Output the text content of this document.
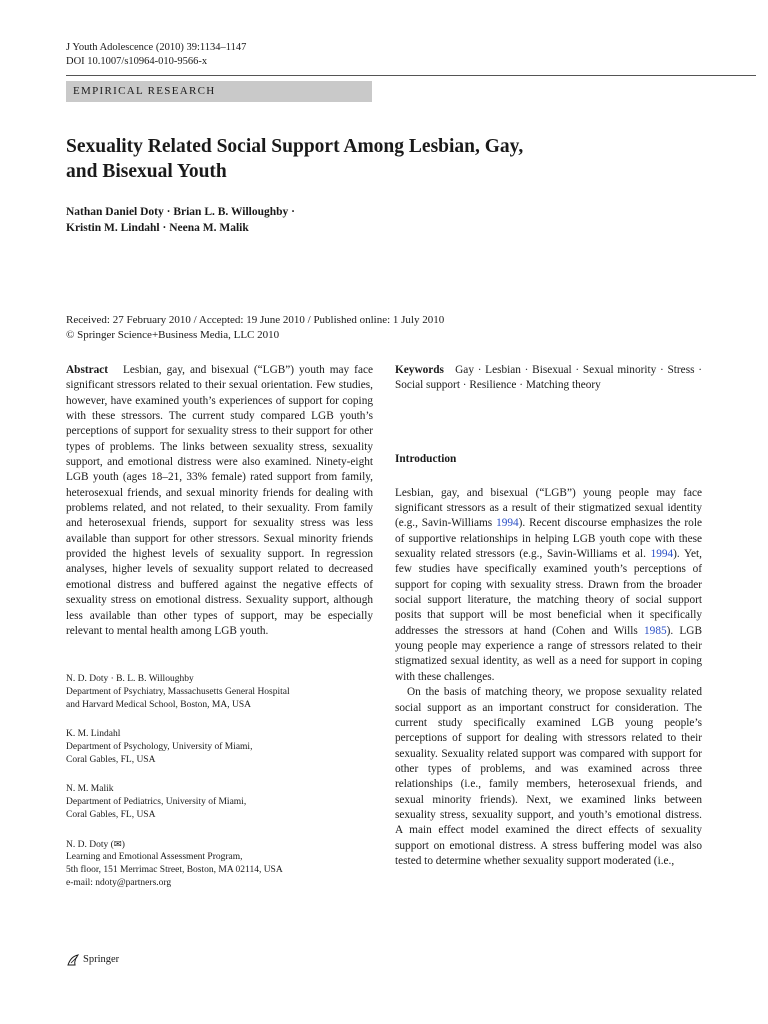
J Youth Adolescence (2010) 39:1134–1147
DOI 10.1007/s10964-010-9566-x
EMPIRICAL RESEARCH
Sexuality Related Social Support Among Lesbian, Gay,
and Bisexual Youth
Nathan Daniel Doty · Brian L. B. Willoughby ·
Kristin M. Lindahl · Neena M. Malik
Received: 27 February 2010 / Accepted: 19 June 2010 / Published online: 1 July 2010
© Springer Science+Business Media, LLC 2010

Abstract Lesbian, gay, and bisexual (“LGB”) youth may face significant stressors related to their sexual orientation. Few studies, however, have examined youth’s experiences of support for coping with these stressors. The current study compared LGB youth’s perceptions of support for sexuality stress to their support for other types of problems. The links between sexuality stress, sexuality support, and emotional distress were also examined. Ninety-eight LGB youth (ages 18–21, 33% female) rated support from family, heterosexual friends, and sexual minority friends for dealing with problems related, and not related, to their sexuality. From family and heterosexual friends, support for sexuality stress was less available than support for other stressors. Sexual minority friends provided the highest levels of sexuality support. In regression analyses, higher levels of sexuality support related to decreased emotional distress and buffered against the negative effects of sexuality stress on emotional distress. Sexuality support, although less available than other types of support, may be especially relevant to mental health among LGB youth.

N. D. Doty · B. L. B. Willoughby
Department of Psychiatry, Massachusetts General Hospital
and Harvard Medical School, Boston, MA, USA
K. M. Lindahl
Department of Psychology, University of Miami,
Coral Gables, FL, USA
N. M. Malik
Department of Pediatrics, University of Miami,
Coral Gables, FL, USA
N. D. Doty (✉)
Learning and Emotional Assessment Program,
5th floor, 151 Merrimac Street, Boston, MA 02114, USA
e-mail: ndoty@partners.org

Keywords Gay · Lesbian · Bisexual · Sexual minority · Stress · Social support · Resilience · Matching theory

Introduction

Lesbian, gay, and bisexual (“LGB”) young people may face significant stressors as a result of their stigmatized sexual identity (e.g., Savin-Williams 1994). Recent discourse emphasizes the role of supportive relationships in helping LGB youth cope with these sexuality related stressors (e.g., Savin-Williams et al. 1994). Yet, few studies have specifically examined youth’s perceptions of support for coping with sexuality stress. Drawn from the broader social support literature, the matching theory of social support posits that support will be most beneficial when it specifically addresses the stressors at hand (Cohen and Wills 1985). LGB young people may experience a range of stressors related to their stigmatized sexual identity, as well as a need for support in coping with these challenges.

On the basis of matching theory, we propose sexuality related social support as an important construct for consideration. The current study specifically examined LGB young people’s perceptions of support for dealing with stressors related to their sexuality. Sexuality related support was compared with support for other types of problems, and was examined across three relationships (i.e., family members, heterosexual friends, and sexual minority friends). Next, we examined links between sexuality stress, sexuality support, and youth’s emotional distress. A main effect model examined the direct effects of sexuality support on emotional distress. A stress buffering model was also tested to determine whether sexuality support moderated (i.e.,

Springer
